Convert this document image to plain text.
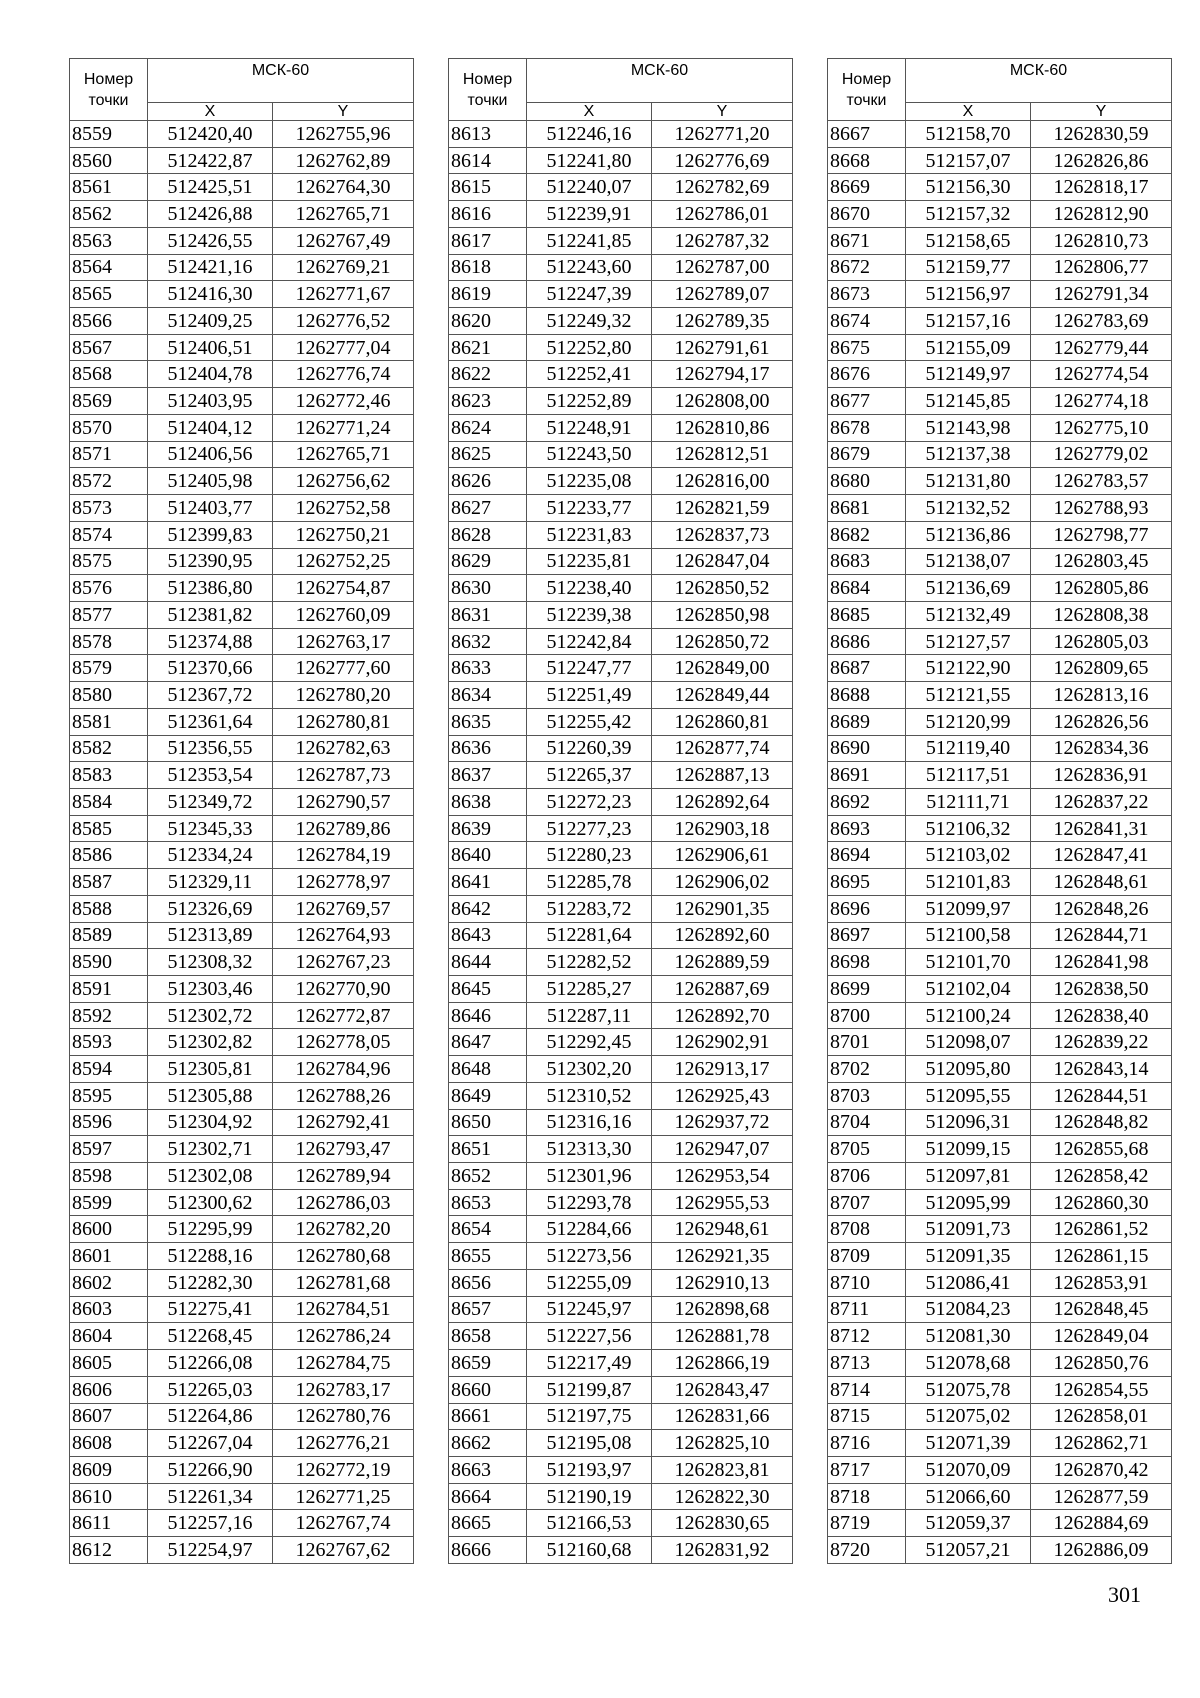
Номер точки	МСК-60	
	X	Y
8559	512420,40	1262755,96
8560	512422,87	1262762,89
8561	512425,51	1262764,30
8562	512426,88	1262765,71
8563	512426,55	1262767,49
8564	512421,16	1262769,21
8565	512416,30	1262771,67
8566	512409,25	1262776,52
8567	512406,51	1262777,04
8568	512404,78	1262776,74
8569	512403,95	1262772,46
8570	512404,12	1262771,24
8571	512406,56	1262765,71
8572	512405,98	1262756,62
8573	512403,77	1262752,58
8574	512399,83	1262750,21
8575	512390,95	1262752,25
8576	512386,80	1262754,87
8577	512381,82	1262760,09
8578	512374,88	1262763,17
8579	512370,66	1262777,60
8580	512367,72	1262780,20
8581	512361,64	1262780,81
8582	512356,55	1262782,63
8583	512353,54	1262787,73
8584	512349,72	1262790,57
8585	512345,33	1262789,86
8586	512334,24	1262784,19
8587	512329,11	1262778,97
8588	512326,69	1262769,57
8589	512313,89	1262764,93
8590	512308,32	1262767,23
8591	512303,46	1262770,90
8592	512302,72	1262772,87
8593	512302,82	1262778,05
8594	512305,81	1262784,96
8595	512305,88	1262788,26
8596	512304,92	1262792,41
8597	512302,71	1262793,47
8598	512302,08	1262789,94
8599	512300,62	1262786,03
8600	512295,99	1262782,20
8601	512288,16	1262780,68
8602	512282,30	1262781,68
8603	512275,41	1262784,51
8604	512268,45	1262786,24
8605	512266,08	1262784,75
8606	512265,03	1262783,17
8607	512264,86	1262780,76
8608	512267,04	1262776,21
8609	512266,90	1262772,19
8610	512261,34	1262771,25
8611	512257,16	1262767,74
8612	512254,97	1262767,62
Номер точки	МСК-60	
	X	Y
8613	512246,16	1262771,20
8614	512241,80	1262776,69
8615	512240,07	1262782,69
8616	512239,91	1262786,01
8617	512241,85	1262787,32
8618	512243,60	1262787,00
8619	512247,39	1262789,07
8620	512249,32	1262789,35
8621	512252,80	1262791,61
8622	512252,41	1262794,17
8623	512252,89	1262808,00
8624	512248,91	1262810,86
8625	512243,50	1262812,51
8626	512235,08	1262816,00
8627	512233,77	1262821,59
8628	512231,83	1262837,73
8629	512235,81	1262847,04
8630	512238,40	1262850,52
8631	512239,38	1262850,98
8632	512242,84	1262850,72
8633	512247,77	1262849,00
8634	512251,49	1262849,44
8635	512255,42	1262860,81
8636	512260,39	1262877,74
8637	512265,37	1262887,13
8638	512272,23	1262892,64
8639	512277,23	1262903,18
8640	512280,23	1262906,61
8641	512285,78	1262906,02
8642	512283,72	1262901,35
8643	512281,64	1262892,60
8644	512282,52	1262889,59
8645	512285,27	1262887,69
8646	512287,11	1262892,70
8647	512292,45	1262902,91
8648	512302,20	1262913,17
8649	512310,52	1262925,43
8650	512316,16	1262937,72
8651	512313,30	1262947,07
8652	512301,96	1262953,54
8653	512293,78	1262955,53
8654	512284,66	1262948,61
8655	512273,56	1262921,35
8656	512255,09	1262910,13
8657	512245,97	1262898,68
8658	512227,56	1262881,78
8659	512217,49	1262866,19
8660	512199,87	1262843,47
8661	512197,75	1262831,66
8662	512195,08	1262825,10
8663	512193,97	1262823,81
8664	512190,19	1262822,30
8665	512166,53	1262830,65
8666	512160,68	1262831,92
Номер точки	МСК-60	
	X	Y
8667	512158,70	1262830,59
8668	512157,07	1262826,86
8669	512156,30	1262818,17
8670	512157,32	1262812,90
8671	512158,65	1262810,73
8672	512159,77	1262806,77
8673	512156,97	1262791,34
8674	512157,16	1262783,69
8675	512155,09	1262779,44
8676	512149,97	1262774,54
8677	512145,85	1262774,18
8678	512143,98	1262775,10
8679	512137,38	1262779,02
8680	512131,80	1262783,57
8681	512132,52	1262788,93
8682	512136,86	1262798,77
8683	512138,07	1262803,45
8684	512136,69	1262805,86
8685	512132,49	1262808,38
8686	512127,57	1262805,03
8687	512122,90	1262809,65
8688	512121,55	1262813,16
8689	512120,99	1262826,56
8690	512119,40	1262834,36
8691	512117,51	1262836,91
8692	512111,71	1262837,22
8693	512106,32	1262841,31
8694	512103,02	1262847,41
8695	512101,83	1262848,61
8696	512099,97	1262848,26
8697	512100,58	1262844,71
8698	512101,70	1262841,98
8699	512102,04	1262838,50
8700	512100,24	1262838,40
8701	512098,07	1262839,22
8702	512095,80	1262843,14
8703	512095,55	1262844,51
8704	512096,31	1262848,82
8705	512099,15	1262855,68
8706	512097,81	1262858,42
8707	512095,99	1262860,30
8708	512091,73	1262861,52
8709	512091,35	1262861,15
8710	512086,41	1262853,91
8711	512084,23	1262848,45
8712	512081,30	1262849,04
8713	512078,68	1262850,76
8714	512075,78	1262854,55
8715	512075,02	1262858,01
8716	512071,39	1262862,71
8717	512070,09	1262870,42
8718	512066,60	1262877,59
8719	512059,37	1262884,69
8720	512057,21	1262886,09
301
